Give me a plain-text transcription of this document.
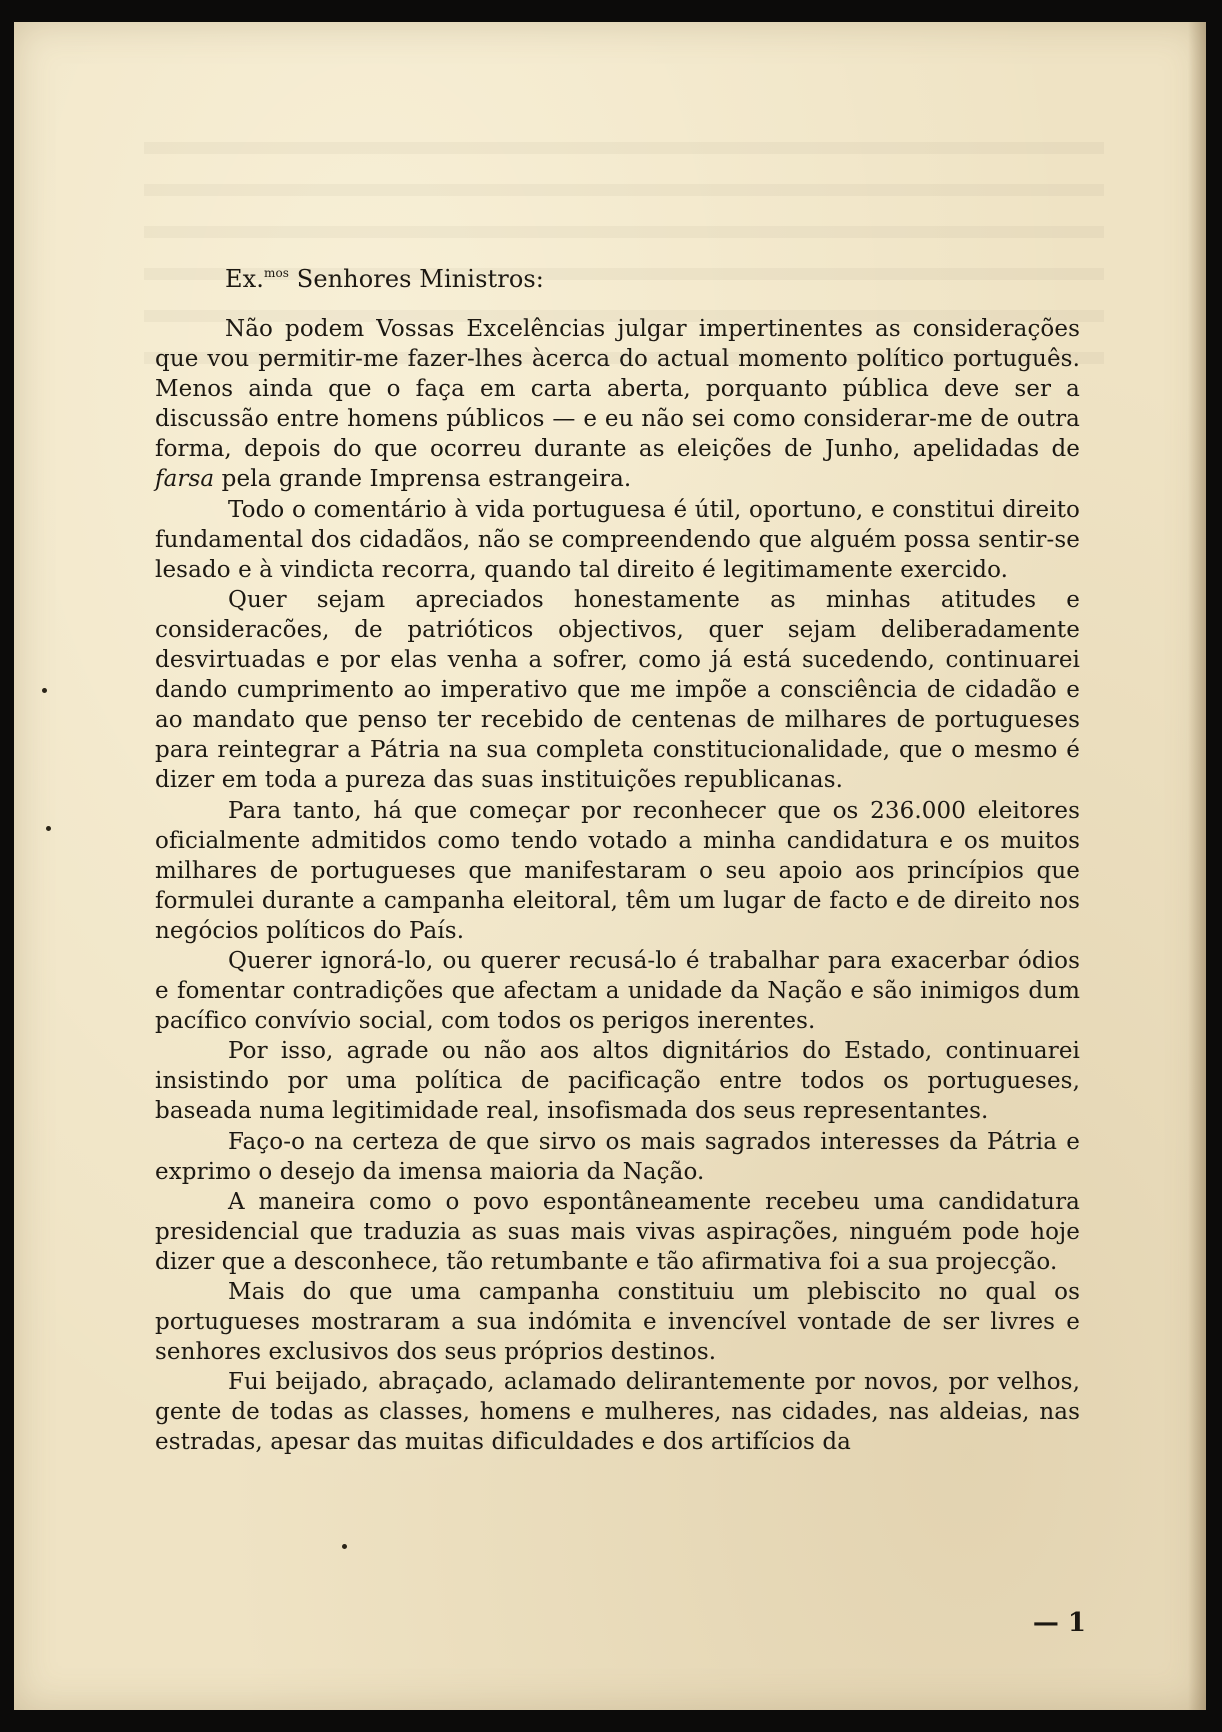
Ex.$^{mos}$ Senhores Ministros:

Não podem Vossas Excelências julgar impertinentes as considerações que vou permitir-me fazer-lhes àcerca do actual momento político português. Menos ainda que o faça em carta aberta, porquanto pública deve ser a discussão entre homens públicos — e eu não sei como considerar-me de outra forma, depois do que ocorreu durante as eleições de Junho, apelidadas de farsa pela grande Imprensa estrangeira.

Todo o comentário à vida portuguesa é útil, oportuno, e constitui direito fundamental dos cidadãos, não se compreendendo que alguém possa sentir-se lesado e à vindicta recorra, quando tal direito é legitimamente exercido.

Quer sejam apreciados honestamente as minhas atitudes e consideracões, de patrióticos objectivos, quer sejam deliberadamente desvirtuadas e por elas venha a sofrer, como já está sucedendo, continuarei dando cumprimento ao imperativo que me impõe a consciência de cidadão e ao mandato que penso ter recebido de centenas de milhares de portugueses para reintegrar a Pátria na sua completa constitucionalidade, que o mesmo é dizer em toda a pureza das suas instituições republicanas.

Para tanto, há que começar por reconhecer que os 236.000 eleitores oficialmente admitidos como tendo votado a minha candidatura e os muitos milhares de portugueses que manifestaram o seu apoio aos princípios que formulei durante a campanha eleitoral, têm um lugar de facto e de direito nos negócios políticos do País.

Querer ignorá-lo, ou querer recusá-lo é trabalhar para exacerbar ódios e fomentar contradições que afectam a unidade da Nação e são inimigos dum pacífico convívio social, com todos os perigos inerentes.

Por isso, agrade ou não aos altos dignitários do Estado, continuarei insistindo por uma política de pacificação entre todos os portugueses, baseada numa legitimidade real, insofismada dos seus representantes.

Faço-o na certeza de que sirvo os mais sagrados interesses da Pátria e exprimo o desejo da imensa maioria da Nação.

A maneira como o povo espontâneamente recebeu uma candidatura presidencial que traduzia as suas mais vivas aspirações, ninguém pode hoje dizer que a desconhece, tão retumbante e tão afirmativa foi a sua projecção.

Mais do que uma campanha constituiu um plebiscito no qual os portugueses mostraram a sua indómita e invencível vontade de ser livres e senhores exclusivos dos seus próprios destinos.

Fui beijado, abraçado, aclamado delirantemente por novos, por velhos, gente de todas as classes, homens e mulheres, nas cidades, nas aldeias, nas estradas, apesar das muitas dificuldades e dos artifícios da

— 1
